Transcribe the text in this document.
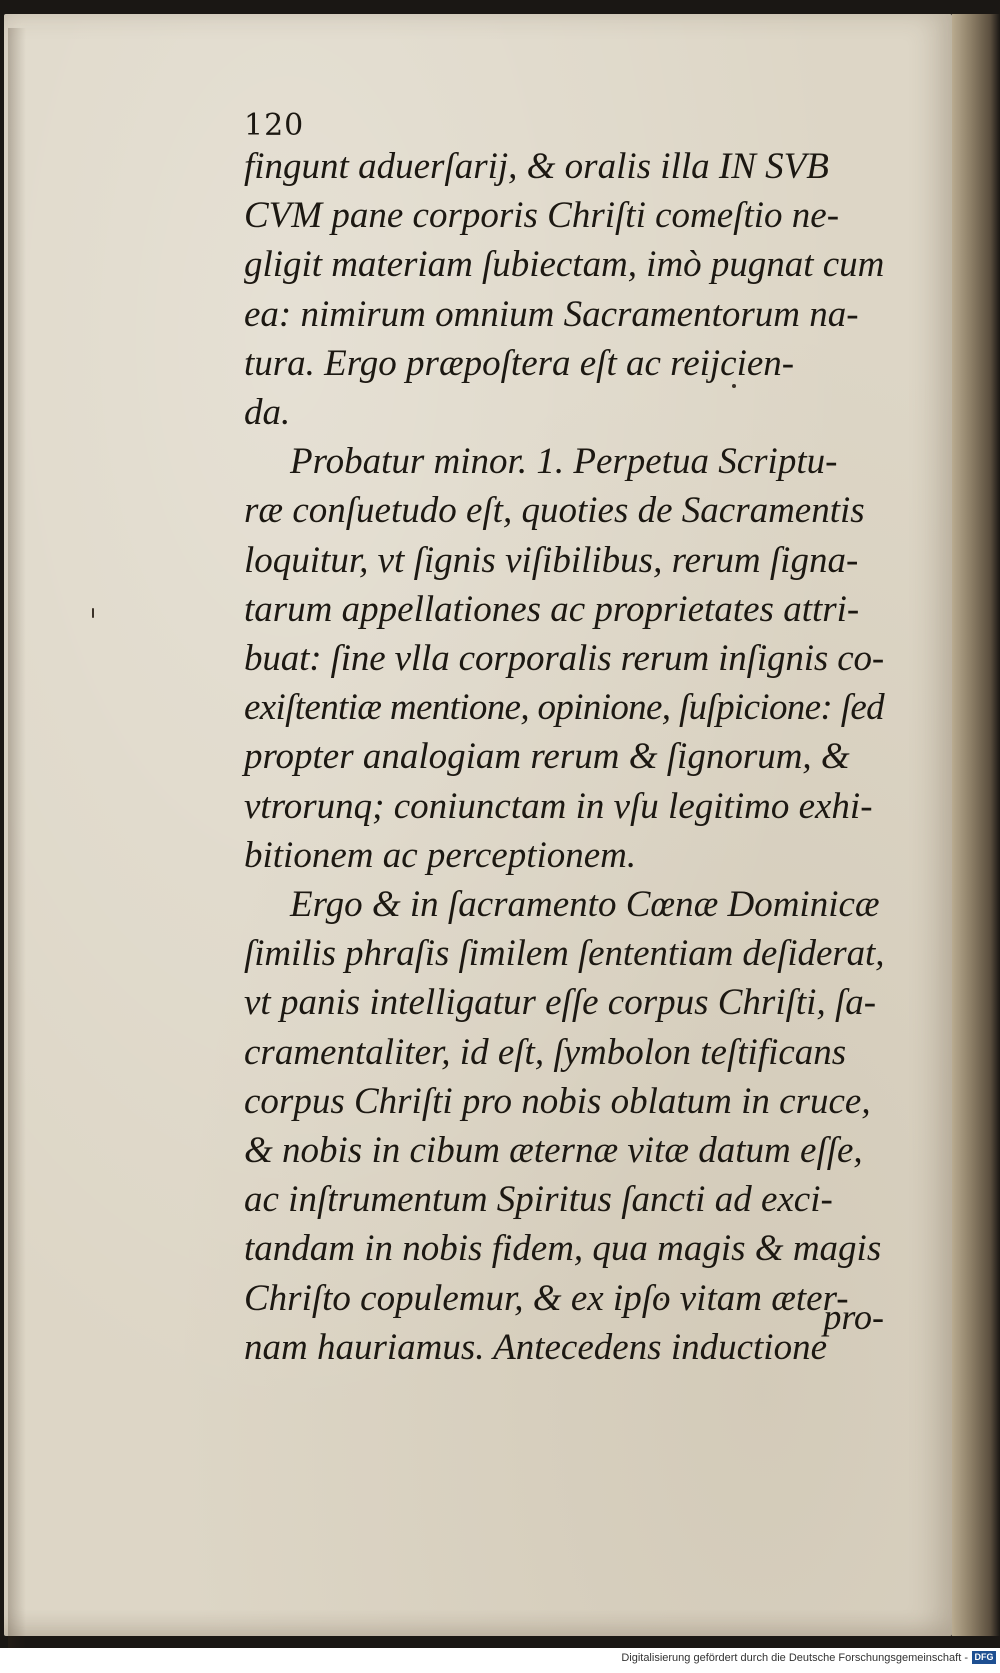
120
fingunt aduerſarij, & oralis illa IN SVB
CVM pane corporis Chriſti comeſtio ne-
gligit materiam ſubiectam, imò pugnat cum
ea: nimirum omnium Sacramentorum na-
tura. Ergo præpoſtera eſt ac reijcien-
da.
Probatur minor. 1. Perpetua Scriptu-
ræ conſuetudo eſt, quoties de Sacramentis
loquitur, vt ſignis viſibilibus, rerum ſigna-
tarum appellationes ac proprietates attri-
buat: ſine vlla corporalis rerum inſignis co-
exiſtentiæ mentione, opinione, ſuſpicione: ſed
propter analogiam rerum & ſignorum, &
vtrorunq; coniunctam in vſu legitimo exhi-
bitionem ac perceptionem.
Ergo & in ſacramento Cœnæ Dominicæ
ſimilis phraſis ſimilem ſententiam deſiderat,
vt panis intelligatur eſſe corpus Chriſti, ſa-
cramentaliter, id eſt, ſymbolon teſtificans
corpus Chriſti pro nobis oblatum in cruce,
& nobis in cibum æternæ vitæ datum eſſe,
ac inſtrumentum Spiritus ſancti ad exci-
tandam in nobis fidem, qua magis & magis
Chriſto copulemur, & ex ipſo vitam æter-
nam hauriamus. Antecedens inductione
pro-
Digitalisierung gefördert durch die Deutsche Forschungsgemeinschaft - DFG
